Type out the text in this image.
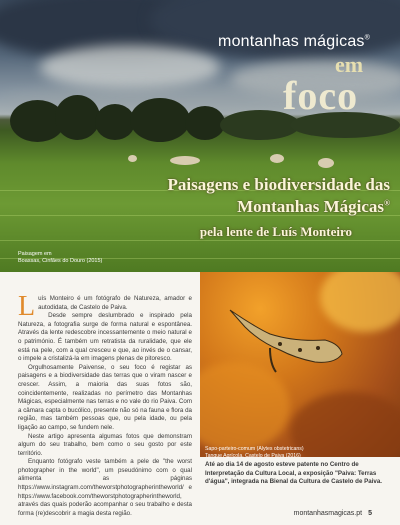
montanhas mágicas®
em
foco
Paisagens e biodiversidade das
Montanhas Mágicas®
pela lente de Luís Monteiro
Paisagem em
Boassas, Cinfães do Douro (2015)

Luís Monteiro é um fotógrafo de Natureza, amador e autodidata, de Castelo de Paiva.

Desde sempre deslumbrado e inspirado pela Natureza, a fotografia surge de forma natural e espontânea. Através da lente redescobre incessantemente o meio natural e o património. É também um retratista da ruralidade, que ele está na pele, com a qual cresceu e que, ao invés de o cansar, o impele a cristalizá-la em imagens plenas de pitoresco.

Orgulhosamente Paivense, o seu foco é registar as paisagens e a biodiversidade das terras que o viram nascer e crescer. Assim, a maioria das suas fotos são, coincidentemente, realizadas no perímetro das Montanhas Mágicas, especialmente nas terras e no vale do rio Paiva. Com a câmara capta o bucólico, presente não só na fauna e flora da região, mas também pessoas que, ou pela idade, ou pela ligação ao campo, se fundem nele.

Neste artigo apresenta algumas fotos que demonstram algum do seu trabalho, bem como o seu gosto por este território.

Enquanto fotógrafo veste também a pele de "the worst photographer in the world", um pseudónimo com o qual alimenta as páginas https://www.instagram.com/theworstphotographerintheworld/ e https://www.facebook.com/theworstphotographerintheworld, através das quais poderão acompanhar o seu trabalho e desta forma (re)descobrir a magia desta região.

Sapo-parteiro-comum (Alytes obstetricans)
Tanque Agrícola, Castelo de Paiva (2016)
Até ao dia 14 de agosto esteve patente no Centro de Interpretação da Cultura Local, a exposição "Paiva: Terras d'água", integrada na Bienal da Cultura de Castelo de Paiva.
montanhasmagicas.pt 5
